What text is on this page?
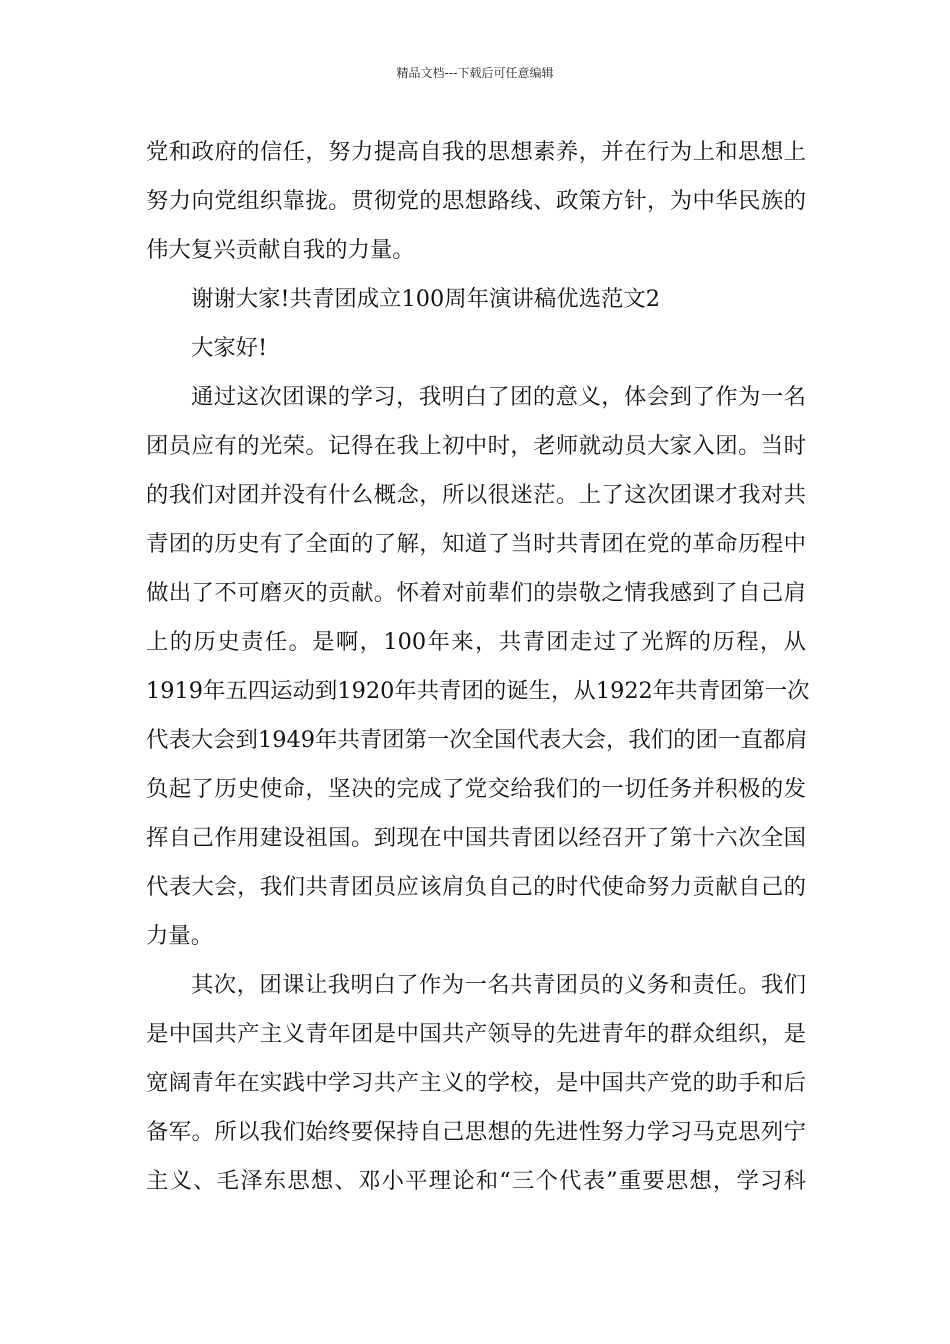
精品文档---下载后可任意编辑

党和政府的信任，努力提高自我的思想素养，并在行为上和思想上
努力向党组织靠拢。贯彻党的思想路线、政策方针，为中华民族的
伟大复兴贡献自我的力量。

谢谢大家!共青团成立100周年演讲稿优选范文2

大家好!

通过这次团课的学习，我明白了团的意义，体会到了作为一名
团员应有的光荣。记得在我上初中时，老师就动员大家入团。当时
的我们对团并没有什么概念，所以很迷茫。上了这次团课才我对共
青团的历史有了全面的了解，知道了当时共青团在党的革命历程中
做出了不可磨灭的贡献。怀着对前辈们的崇敬之情我感到了自己肩
上的历史责任。是啊，100年来，共青团走过了光辉的历程，从
1919年五四运动到1920年共青团的诞生，从1922年共青团第一次
代表大会到1949年共青团第一次全国代表大会，我们的团一直都肩
负起了历史使命，坚决的完成了党交给我们的一切任务并积极的发
挥自己作用建设祖国。到现在中国共青团以经召开了第十六次全国
代表大会，我们共青团员应该肩负自己的时代使命努力贡献自己的
力量。

其次，团课让我明白了作为一名共青团员的义务和责任。我们
是中国共产主义青年团是中国共产领导的先进青年的群众组织，是
宽阔青年在实践中学习共产主义的学校，是中国共产党的助手和后
备军。所以我们始终要保持自己思想的先进性努力学习马克思列宁
主义、毛泽东思想、邓小平理论和“三个代表”重要思想，学习科
